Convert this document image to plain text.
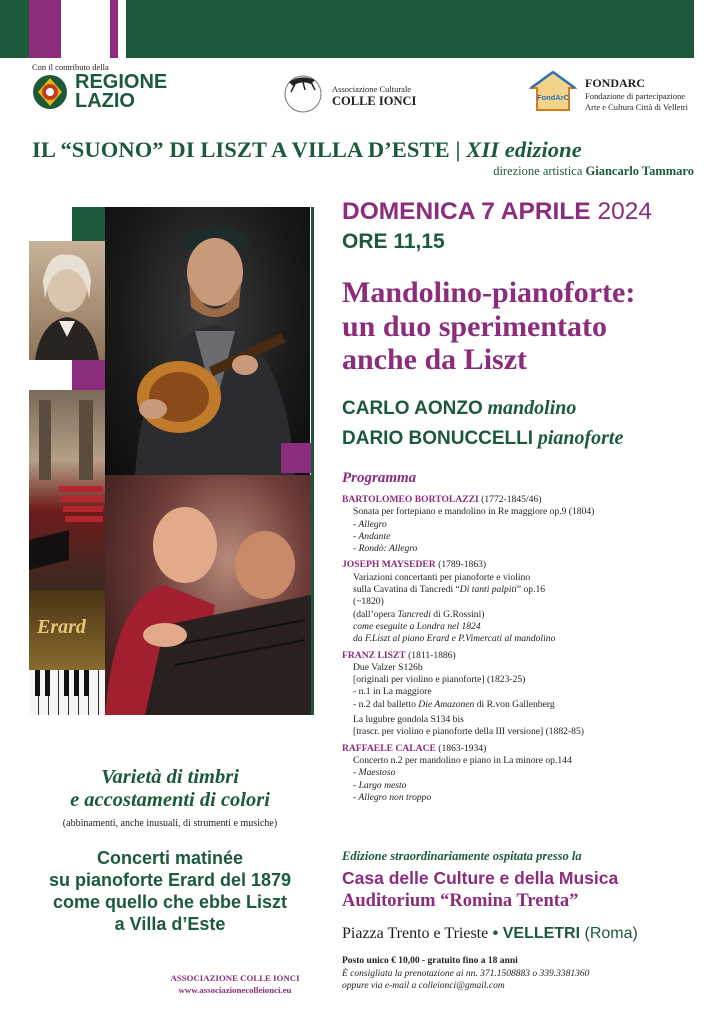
Con il contributo della
REGIONE
LAZIO
Associazione Culturale
COLLE IONCI	FondArC
FONDARC
Fondazione di partecipazione
Arte e Cultura Città di Velletri
IL “SUONO” DI LISZT A VILLA D’ESTE | XII edizione
direzione artistica Giancarlo Tammaro
Erard
DOMENICA 7 APRILE 2024
ORE 11,15
Mandolino-pianoforte:
un duo sperimentato
anche da Liszt
CARLO AONZO mandolino
DARIO BONUCCELLI pianoforte
Programma
BARTOLOMEO BORTOLAZZI (1772-1845/46)
Sonata per fortepiano e mandolino in Re maggiore op.9 (1804)
- Allegro
- Andante
- Rondò: Allegro
JOSEPH MAYSEDER (1789-1863)
Variazioni concertanti per pianoforte e violino
sulla Cavatina di Tancredi “Di tanti palpiti” op.16
(~1820)
(dall’opera Tancredi di G.Rossini)
come eseguite a Londra nel 1824
da F.Liszt al piano Erard e P.Vimercati al mandolino
FRANZ LISZT (1811-1886)
Due Valzer S126b
[originali per violino e pianoforte] (1823-25)
- n.1 in La maggiore
- n.2 dal balletto Die Amazonen di R.von Gallenberg
La lugubre gondola S134 bis
[trascr. per violino e pianoforte della III versione] (1882-85)
RAFFAELE CALACE (1863-1934)
Concerto n.2 per mandolino e piano in La minore op.144
- Maestoso
- Largo mesto
- Allegro non troppo
Varietà di timbri
e accostamenti di colori
(abbinamenti, anche inusuali, di strumenti e musiche)
Concerti matinée
su pianoforte Erard del 1879
come quello che ebbe Liszt
a Villa d’Este
ASSOCIAZIONE COLLE IONCI
www.associazionecolleionci.eu
Edizione straordinariamente ospitata presso la
Casa delle Culture e della Musica
Auditorium “Romina Trenta”
Piazza Trento e Trieste • VELLETRI (Roma)
Posto unico € 10,00 - gratuito fino a 18 anni
È consigliata la prenotazione ai nn. 371.1508883 o 339.3381360
oppure via e-mail a colleionci@gmail.com
